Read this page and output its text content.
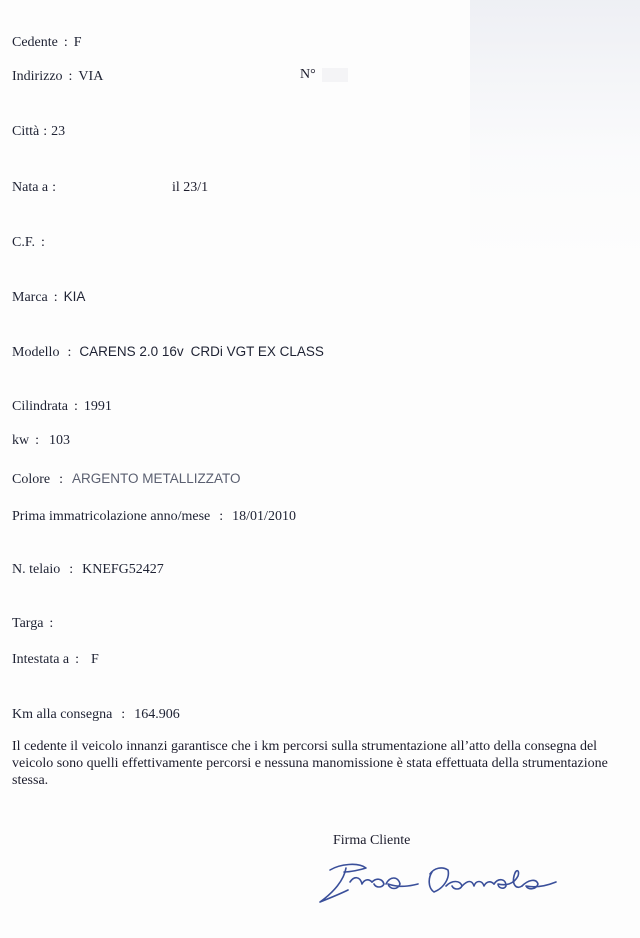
Cedente : F
Indirizzo : VIA	N°
Città : 23
Nata a :	il 23/1
C.F. :
Marca : KIA
Modello : CARENS 2.0 16v CRDi VGT EX CLASS
Cilindrata : 1991
kw : 103
Colore : ARGENTO METALLIZZATO
Prima immatricolazione anno/mese : 18/01/2010
N. telaio : KNEFG52427
Targa :
Intestata a : F
Km alla consegna : 164.906
Il cedente il veicolo innanzi garantisce che i km percorsi sulla strumentazione all’atto della consegna del veicolo sono quelli effettivamente percorsi e nessuna manomissione è stata effettuata della strumentazione stessa.
Firma Cliente
